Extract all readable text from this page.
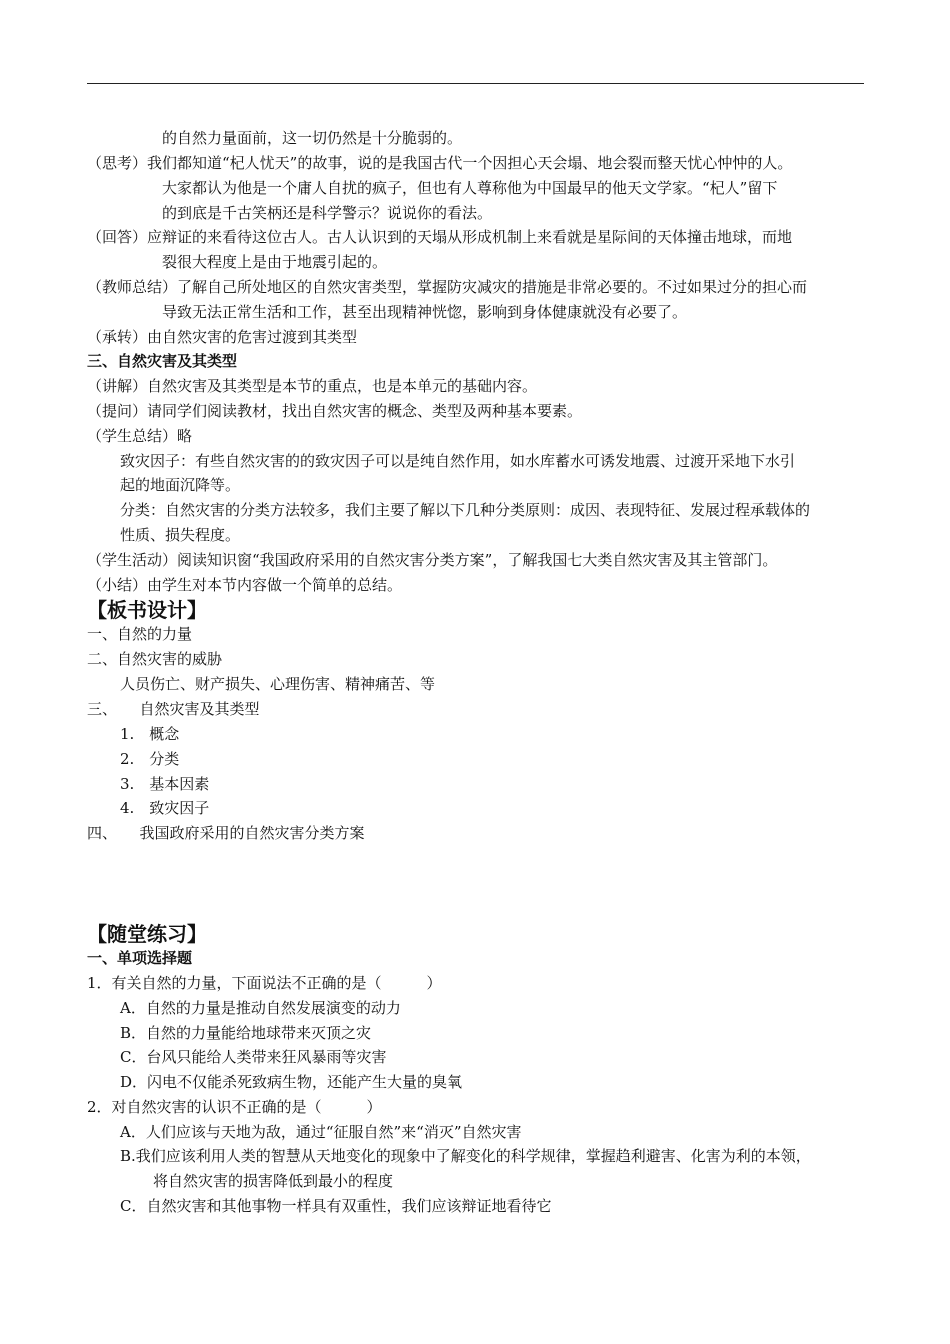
的自然力量面前，这一切仍然是十分脆弱的。
（思考）我们都知道“杞人忧天”的故事，说的是我国古代一个因担心天会塌、地会裂而整天忧心忡忡的人。
大家都认为他是一个庸人自扰的疯子，但也有人尊称他为中国最早的他天文学家。“杞人”留下
的到底是千古笑柄还是科学警示？说说你的看法。
（回答）应辩证的来看待这位古人。古人认识到的天塌从形成机制上来看就是星际间的天体撞击地球，而地
裂很大程度上是由于地震引起的。
（教师总结）了解自己所处地区的自然灾害类型，掌握防灾减灾的措施是非常必要的。不过如果过分的担心而
导致无法正常生活和工作，甚至出现精神恍惚，影响到身体健康就没有必要了。
（承转）由自然灾害的危害过渡到其类型
三、自然灾害及其类型
（讲解）自然灾害及其类型是本节的重点，也是本单元的基础内容。
（提问）请同学们阅读教材，找出自然灾害的概念、类型及两种基本要素。
（学生总结）略
致灾因子：有些自然灾害的的致灾因子可以是纯自然作用，如水库蓄水可诱发地震、过渡开采地下水引
起的地面沉降等。
分类：自然灾害的分类方法较多，我们主要了解以下几种分类原则：成因、表现特征、发展过程承载体的
性质、损失程度。
（学生活动）阅读知识窗“我国政府采用的自然灾害分类方案”，了解我国七大类自然灾害及其主管部门。
（小结）由学生对本节内容做一个简单的总结。
【板书设计】
一、自然的力量
二、自然灾害的威胁
人员伤亡、财产损失、心理伤害、精神痛苦、等
三、　　自然灾害及其类型
1.　概念
2.　分类
3.　基本因素
4.　致灾因子
四、　　我国政府采用的自然灾害分类方案
【随堂练习】
一、单项选择题
1．有关自然的力量，下面说法不正确的是（　　　）
A．自然的力量是推动自然发展演变的动力
B．自然的力量能给地球带来灭顶之灾
C．台风只能给人类带来狂风暴雨等灾害
D．闪电不仅能杀死致病生物，还能产生大量的臭氧
2．对自然灾害的认识不正确的是（　　　）
A．人们应该与天地为敌，通过“征服自然”来“消灭”自然灾害
B.我们应该利用人类的智慧从天地变化的现象中了解变化的科学规律，掌握趋利避害、化害为利的本领，
将自然灾害的损害降低到最小的程度
C．自然灾害和其他事物一样具有双重性，我们应该辩证地看待它
